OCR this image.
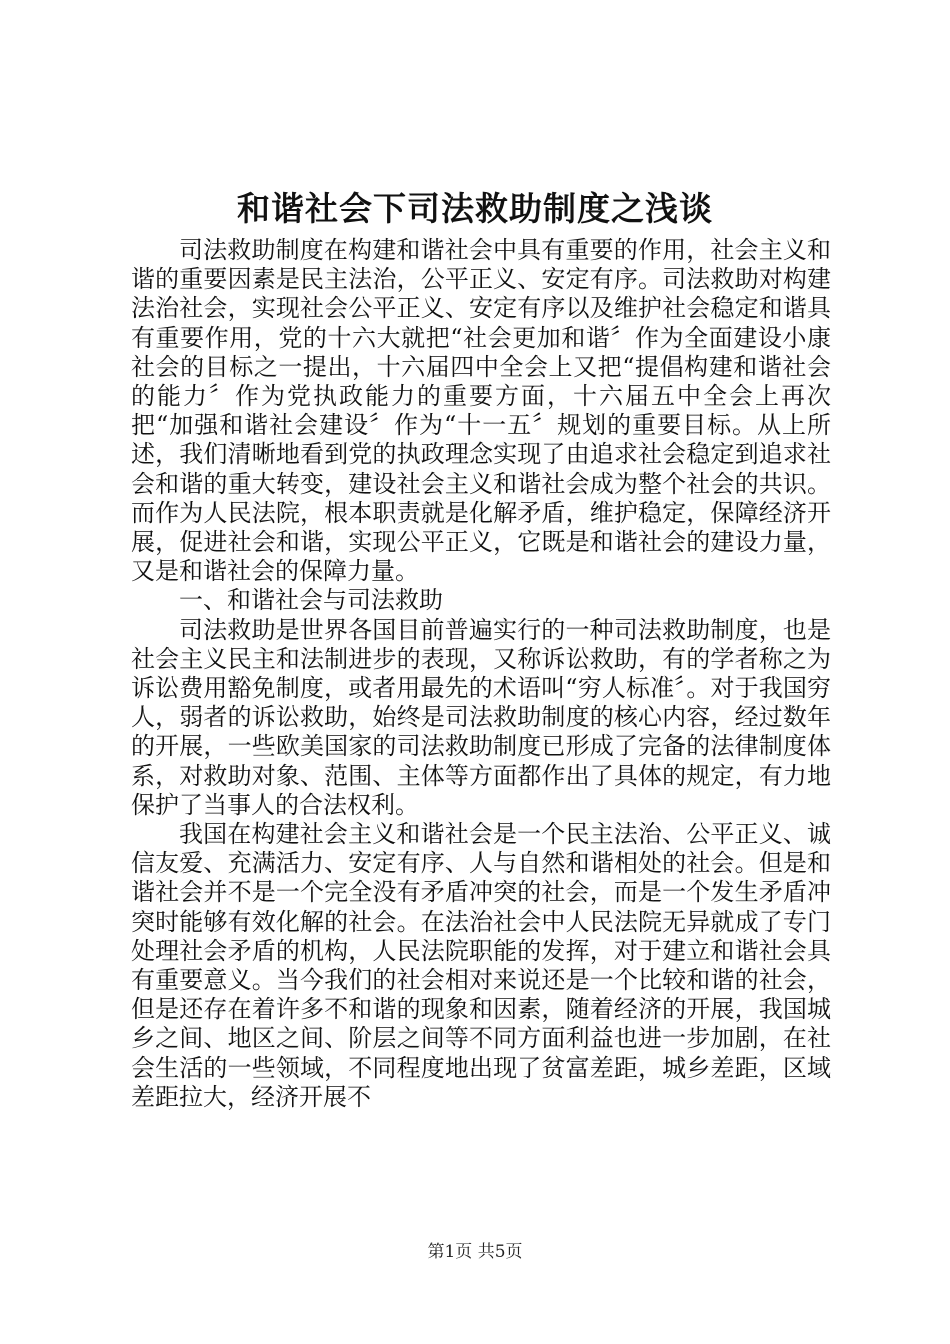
和谐社会下司法救助制度之浅谈

司法救助制度在构建和谐社会中具有重要的作用，社会主义和谐的重要因素是民主法治，公平正义、安定有序。司法救助对构建法治社会，实现社会公平正义、安定有序以及维护社会稳定和谐具有重要作用，党的十六大就把“社会更加和谐〞作为全面建设小康社会的目标之一提出，十六届四中全会上又把“提倡构建和谐社会的能力〞作为党执政能力的重要方面，十六届五中全会上再次把“加强和谐社会建设〞作为“十一五〞规划的重要目标。从上所述，我们清晰地看到党的执政理念实现了由追求社会稳定到追求社会和谐的重大转变，建设社会主义和谐社会成为整个社会的共识。而作为人民法院，根本职责就是化解矛盾，维护稳定，保障经济开展，促进社会和谐，实现公平正义，它既是和谐社会的建设力量，又是和谐社会的保障力量。

一、和谐社会与司法救助

司法救助是世界各国目前普遍实行的一种司法救助制度，也是社会主义民主和法制进步的表现，又称诉讼救助，有的学者称之为诉讼费用豁免制度，或者用最先的术语叫“穷人标准〞。对于我国穷人，弱者的诉讼救助，始终是司法救助制度的核心内容，经过数年的开展，一些欧美国家的司法救助制度已形成了完备的法律制度体系，对救助对象、范围、主体等方面都作出了具体的规定，有力地保护了当事人的合法权利。

我国在构建社会主义和谐社会是一个民主法治、公平正义、诚信友爱、充满活力、安定有序、人与自然和谐相处的社会。但是和谐社会并不是一个完全没有矛盾冲突的社会，而是一个发生矛盾冲突时能够有效化解的社会。在法治社会中人民法院无异就成了专门处理社会矛盾的机构，人民法院职能的发挥，对于建立和谐社会具有重要意义。当今我们的社会相对来说还是一个比较和谐的社会，但是还存在着许多不和谐的现象和因素，随着经济的开展，我国城乡之间、地区之间、阶层之间等不同方面利益也进一步加剧，在社会生活的一些领域，不同程度地出现了贫富差距，城乡差距，区域差距拉大，经济开展不

第1页 共5页
